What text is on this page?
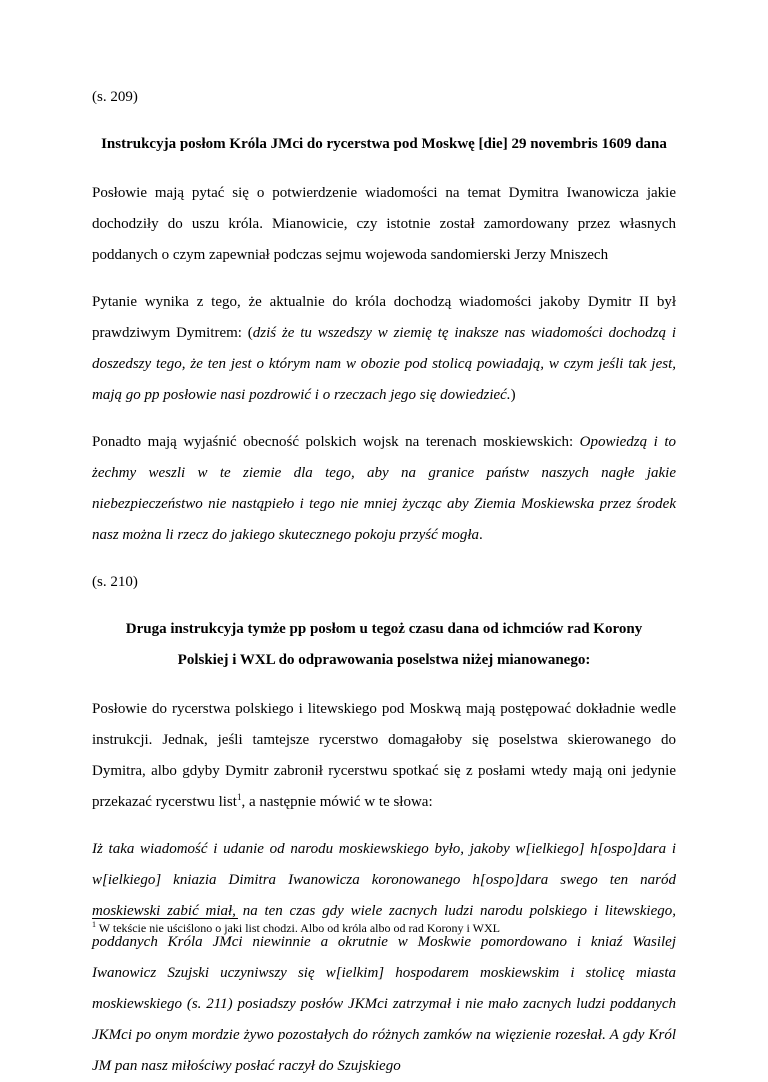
(s. 209)

Instrukcyja posłom Króla JMci do rycerstwa pod Moskwę [die] 29 novembris 1609 dana

Posłowie mają pytać się o potwierdzenie wiadomości na temat Dymitra Iwanowicza jakie dochodziły do uszu króla. Mianowicie, czy istotnie został zamordowany przez własnych poddanych o czym zapewniał podczas sejmu wojewoda sandomierski Jerzy Mniszech

Pytanie wynika z tego, że aktualnie do króla dochodzą wiadomości jakoby Dymitr II był prawdziwym Dymitrem: (dziś że tu wszedszy w ziemię tę inaksze nas wiadomości dochodzą i doszedszy tego, że ten jest o którym nam w obozie pod stolicą powiadają, w czym jeśli tak jest, mają go pp posłowie nasi pozdrowić i o rzeczach jego się dowiedzieć.)

Ponadto mają wyjaśnić obecność polskich wojsk na terenach moskiewskich: Opowiedzą i to żechmy weszli w te ziemie dla tego, aby na granice państw naszych nagłe jakie niebezpieczeństwo nie nastąpieło i tego nie mniej życząc aby Ziemia Moskiewska przez środek nasz można li rzecz do jakiego skutecznego pokoju przyść mogła.

(s. 210)

Druga instrukcyja tymże pp posłom u tegoż czasu dana od ichmciów rad Korony
Polskiej i WXL do odprawowania poselstwa niżej mianowanego:

Posłowie do rycerstwa polskiego i litewskiego pod Moskwą mają postępować dokładnie wedle instrukcji. Jednak, jeśli tamtejsze rycerstwo domagałoby się poselstwa skierowanego do Dymitra, albo gdyby Dymitr zabronił rycerstwu spotkać się z posłami wtedy mają oni jedynie przekazać rycerstwu list$^1$, a następnie mówić w te słowa:

Iż taka wiadomość i udanie od narodu moskiewskiego było, jakoby w[ielkiego] h[ospo]dara i w[ielkiego] kniazia Dimitra Iwanowicza koronowanego h[ospo]dara swego ten naród moskiewski zabić miał, na ten czas gdy wiele zacnych ludzi narodu polskiego i litewskiego, poddanych Króla JMci niewinnie a okrutnie w Moskwie pomordowano i kniaź Wasilej Iwanowicz Szujski uczyniwszy się w[ielkim] hospodarem moskiewskim i stolicę miasta moskiewskiego (s. 211) posiadszy posłów JKMci zatrzymał i nie mało zacnych ludzi poddanych JKMci po onym mordzie żywo pozostałych do różnych zamków na więzienie rozesłał. A gdy Król JM pan nasz miłościwy posłać raczył do Szujskiego

$^1$ W tekście nie uściślono o jaki list chodzi. Albo od króla albo od rad Korony i WXL
